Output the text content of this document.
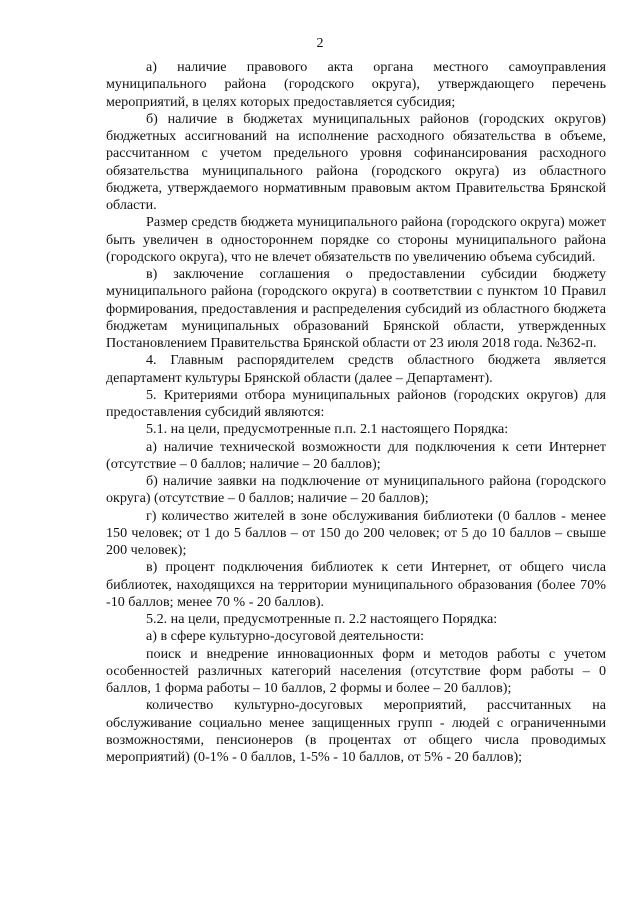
2

а) наличие правового акта органа местного самоуправления муниципального района (городского округа), утверждающего перечень мероприятий, в целях которых предоставляется субсидия;

б) наличие в бюджетах муниципальных районов (городских округов) бюджетных ассигнований на исполнение расходного обязательства в объеме, рассчитанном с учетом предельного уровня софинансирования расходного обязательства муниципального района (городского округа) из областного бюджета, утверждаемого нормативным правовым актом Правительства Брянской области.

Размер средств бюджета муниципального района (городского округа) может быть увеличен в одностороннем порядке со стороны муниципального района (городского округа), что не влечет обязательств по увеличению объема субсидий.

в) заключение соглашения о предоставлении субсидии бюджету муниципального района (городского округа) в соответствии с пунктом 10 Правил формирования, предоставления и распределения субсидий из областного бюджета бюджетам муниципальных образований Брянской области, утвержденных Постановлением Правительства Брянской области от 23 июля 2018 года. №362-п.

4. Главным распорядителем средств областного бюджета является департамент культуры Брянской области (далее – Департамент).

5. Критериями отбора муниципальных районов (городских округов) для предоставления субсидий являются:

5.1. на цели, предусмотренные п.п. 2.1 настоящего Порядка:

а) наличие технической возможности для подключения к сети Интернет (отсутствие – 0 баллов; наличие – 20 баллов);

б) наличие заявки на подключение от муниципального района (городского округа) (отсутствие – 0 баллов; наличие – 20 баллов);

г) количество жителей в зоне обслуживания библиотеки (0 баллов - менее 150 человек; от 1 до 5 баллов – от 150 до 200 человек; от 5 до 10 баллов – свыше 200 человек);

в) процент подключения библиотек к сети Интернет, от общего числа библиотек, находящихся на территории муниципального образования (более 70% -10 баллов; менее 70 % - 20 баллов).

5.2. на цели, предусмотренные п. 2.2 настоящего Порядка:

а) в сфере культурно-досуговой деятельности:

поиск и внедрение инновационных форм и методов работы с учетом особенностей различных категорий населения (отсутствие форм работы – 0 баллов, 1 форма работы – 10 баллов, 2 формы и более – 20 баллов);

количество культурно-досуговых мероприятий, рассчитанных на обслуживание социально менее защищенных групп - людей с ограниченными возможностями, пенсионеров (в процентах от общего числа проводимых мероприятий) (0-1% - 0 баллов, 1-5% - 10 баллов, от 5% - 20 баллов);
